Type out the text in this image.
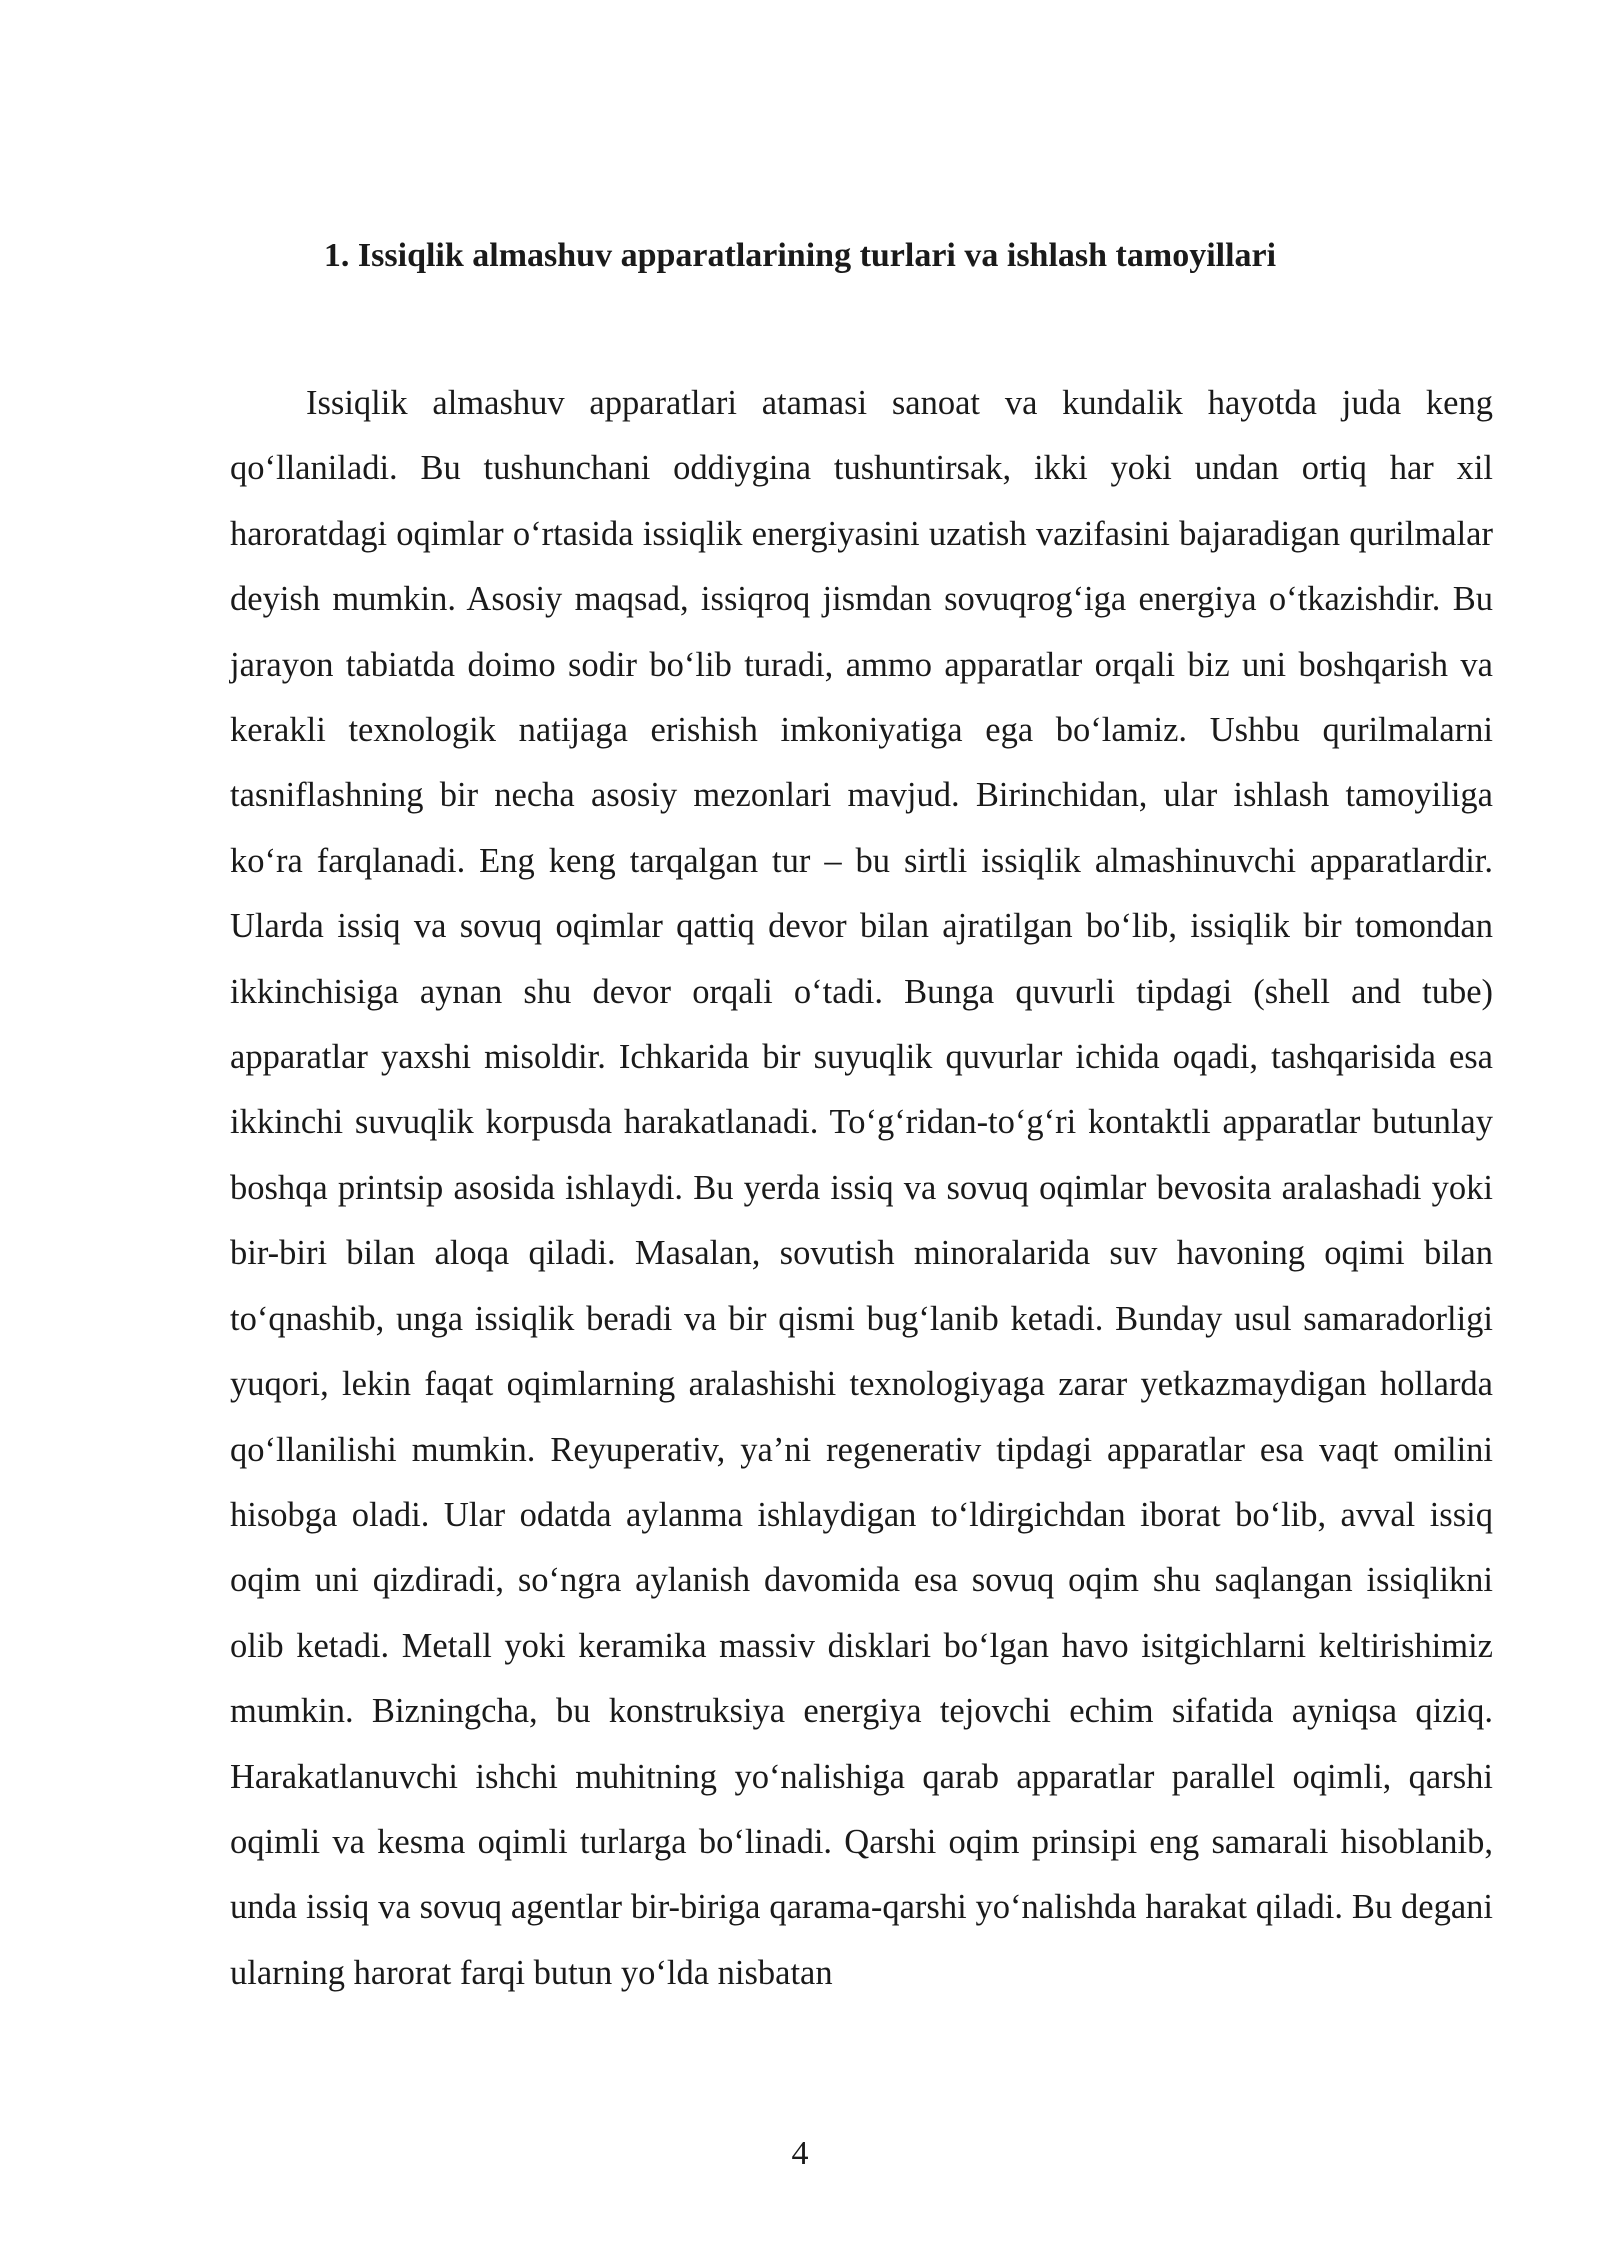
1. Issiqlik almashuv apparatlarining turlari va ishlash tamoyillari

Issiqlik almashuv apparatlari atamasi sanoat va kundalik hayotda juda keng qo‘llaniladi. Bu tushunchani oddiygina tushuntirsak, ikki yoki undan ortiq har xil haroratdagi oqimlar o‘rtasida issiqlik energiyasini uzatish vazifasini bajaradigan qurilmalar deyish mumkin. Asosiy maqsad, issiqroq jismdan sovuqrog‘iga energiya o‘tkazishdir. Bu jarayon tabiatda doimo sodir bo‘lib turadi, ammo apparatlar orqali biz uni boshqarish va kerakli texnologik natijaga erishish imkoniyatiga ega bo‘lamiz. Ushbu qurilmalarni tasniflashning bir necha asosiy mezonlari mavjud. Birinchidan, ular ishlash tamoyiliga ko‘ra farqlanadi. Eng keng tarqalgan tur – bu sirtli issiqlik almashinuvchi apparatlardir. Ularda issiq va sovuq oqimlar qattiq devor bilan ajratilgan bo‘lib, issiqlik bir tomondan ikkinchisiga aynan shu devor orqali o‘tadi. Bunga quvurli tipdagi (shell and tube) apparatlar yaxshi misoldir. Ichkarida bir suyuqlik quvurlar ichida oqadi, tashqarisida esa ikkinchi suvuqlik korpusda harakatlanadi. To‘g‘ridan-to‘g‘ri kontaktli apparatlar butunlay boshqa printsip asosida ishlaydi. Bu yerda issiq va sovuq oqimlar bevosita aralashadi yoki bir-biri bilan aloqa qiladi. Masalan, sovutish minoralarida suv havoning oqimi bilan to‘qnashib, unga issiqlik beradi va bir qismi bug‘lanib ketadi. Bunday usul samaradorligi yuqori, lekin faqat oqimlarning aralashishi texnologiyaga zarar yetkazmaydigan hollarda qo‘llanilishi mumkin. Reyuperativ, ya’ni regenerativ tipdagi apparatlar esa vaqt omilini hisobga oladi. Ular odatda aylanma ishlaydigan to‘ldirgichdan iborat bo‘lib, avval issiq oqim uni qizdiradi, so‘ngra aylanish davomida esa sovuq oqim shu saqlangan issiqlikni olib ketadi. Metall yoki keramika massiv disklari bo‘lgan havo isitgichlarni keltirishimiz mumkin. Bizningcha, bu konstruksiya energiya tejovchi echim sifatida ayniqsa qiziq. Harakatlanuvchi ishchi muhitning yo‘nalishiga qarab apparatlar parallel oqimli, qarshi oqimli va kesma oqimli turlarga bo‘linadi. Qarshi oqim prinsipi eng samarali hisoblanib, unda issiq va sovuq agentlar bir-biriga qarama-qarshi yo‘nalishda harakat qiladi. Bu degani ularning harorat farqi butun yo‘lda nisbatan

4
